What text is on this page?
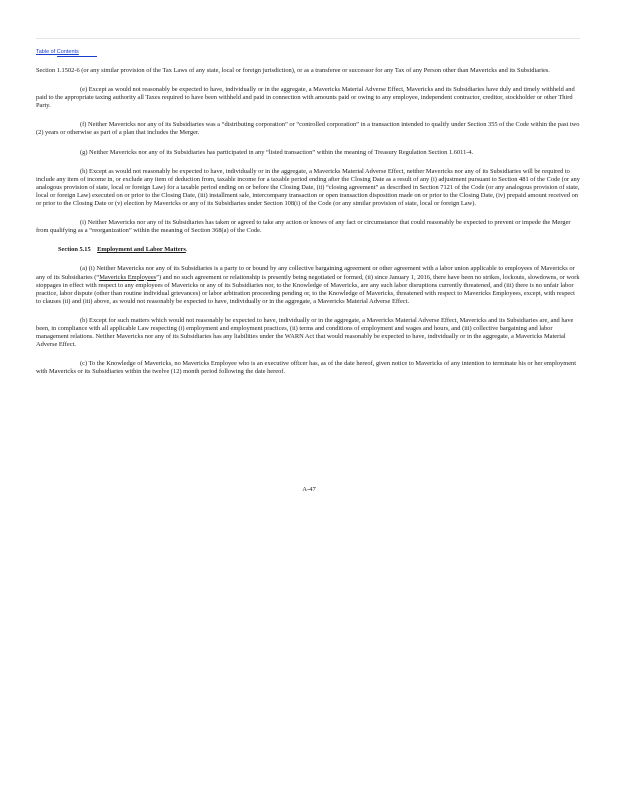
Table of Contents

Section 1.1502-6 (or any similar provision of the Tax Laws of any state, local or foreign jurisdiction), or as a transferee or successor for any Tax of any Person other than Mavericks and its Subsidiaries.

(e) Except as would not reasonably be expected to have, individually or in the aggregate, a Mavericks Material Adverse Effect, Mavericks and its Subsidiaries have duly and timely withheld and paid to the appropriate taxing authority all Taxes required to have been withheld and paid in connection with amounts paid or owing to any employee, independent contractor, creditor, stockholder or other Third Party.

(f) Neither Mavericks nor any of its Subsidiaries was a “distributing corporation” or “controlled corporation” in a transaction intended to qualify under Section 355 of the Code within the past two (2) years or otherwise as part of a plan that includes the Merger.

(g) Neither Mavericks nor any of its Subsidiaries has participated in any “listed transaction” within the meaning of Treasury Regulation Section 1.6011-4.

(h) Except as would not reasonably be expected to have, individually or in the aggregate, a Mavericks Material Adverse Effect, neither Mavericks nor any of its Subsidiaries will be required to include any item of income in, or exclude any item of deduction from, taxable income for a taxable period ending after the Closing Date as a result of any (i) adjustment pursuant to Section 481 of the Code (or any analogous provision of state, local or foreign Law) for a taxable period ending on or before the Closing Date, (ii) “closing agreement” as described in Section 7121 of the Code (or any analogous provision of state, local or foreign Law) executed on or prior to the Closing Date, (iii) installment sale, intercompany transaction or open transaction disposition made on or prior to the Closing Date, (iv) prepaid amount received on or prior to the Closing Date or (v) election by Mavericks or any of its Subsidiaries under Section 108(i) of the Code (or any similar provision of state, local or foreign Law).

(i) Neither Mavericks nor any of its Subsidiaries has taken or agreed to take any action or knows of any fact or circumstance that could reasonably be expected to prevent or impede the Merger from qualifying as a “reorganization” within the meaning of Section 368(a) of the Code.

Section 5.15 Employment and Labor Matters.

(a) (i) Neither Mavericks nor any of its Subsidiaries is a party to or bound by any collective bargaining agreement or other agreement with a labor union applicable to employees of Mavericks or any of its Subsidiaries (“Mavericks Employees”) and no such agreement or relationship is presently being negotiated or formed, (ii) since January 1, 2016, there have been no strikes, lockouts, slowdowns, or work stoppages in effect with respect to any employees of Mavericks or any of its Subsidiaries nor, to the Knowledge of Mavericks, are any such labor disruptions currently threatened, and (iii) there is no unfair labor practice, labor dispute (other than routine individual grievances) or labor arbitration proceeding pending or, to the Knowledge of Mavericks, threatened with respect to Mavericks Employees, except, with respect to clauses (ii) and (iii) above, as would not reasonably be expected to have, individually or in the aggregate, a Mavericks Material Adverse Effect.

(b) Except for such matters which would not reasonably be expected to have, individually or in the aggregate, a Mavericks Material Adverse Effect, Mavericks and its Subsidiaries are, and have been, in compliance with all applicable Law respecting (i) employment and employment practices, (ii) terms and conditions of employment and wages and hours, and (iii) collective bargaining and labor management relations. Neither Mavericks nor any of its Subsidiaries has any liabilities under the WARN Act that would reasonably be expected to have, individually or in the aggregate, a Mavericks Material Adverse Effect.

(c) To the Knowledge of Mavericks, no Mavericks Employee who is an executive officer has, as of the date hereof, given notice to Mavericks of any intention to terminate his or her employment with Mavericks or its Subsidiaries within the twelve (12) month period following the date hereof.

A-47
